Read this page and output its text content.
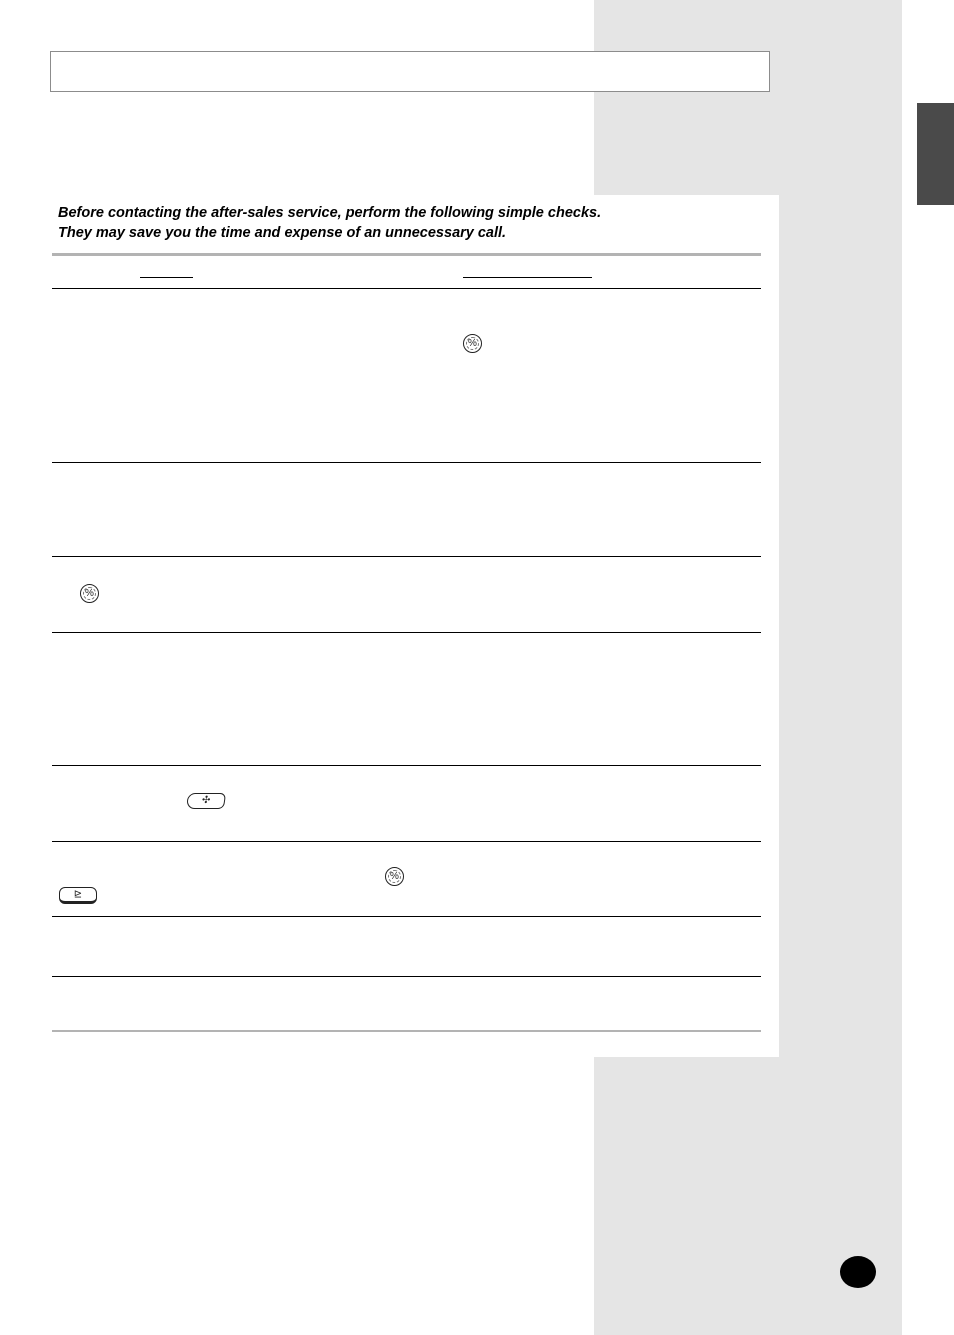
Before contacting the after-sales service, perform the following simple checks.

They may save you the time and expense of an unnecessary call.

%
%
✣
%
⊵
